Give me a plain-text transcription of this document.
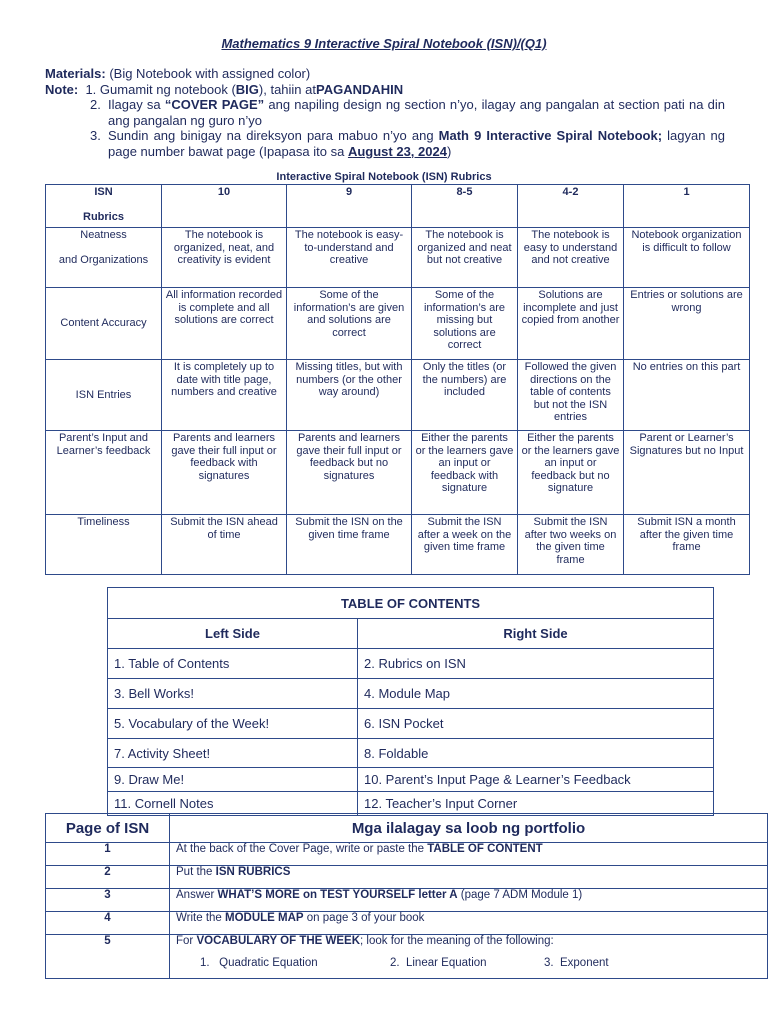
Mathematics 9 Interactive Spiral Notebook (ISN)/(Q1)
Materials:
(Big Notebook with assigned color)
Note:
1.
Gumamit ng notebook ( BIG ), tahiin at PAGANDAHIN
2. Ilagay sa “COVER PAGE” ang napiling design ng section n’yo, ilagay ang pangalan at section pati na din ang pangalan ng guro n’yo
3. Sundin ang binigay na direksyon para mabuo n’yo ang Math 9 Interactive Spiral Notebook; lagyan ng page number bawat page (Ipapasa ito sa August 23, 2024)
Interactive Spiral Notebook (ISN) Rubrics
ISN

Rubrics	10	9	8-5	4-2	1
Neatness

and Organizations	The notebook is organized, neat, and creativity is evident	The notebook is easy-to-understand and creative	The notebook is organized and neat but not creative	The notebook is easy to understand and not creative	Notebook organization is difficult to follow
Content Accuracy	All information recorded is complete and all solutions are correct	Some of the information’s are given and solutions are correct	Some of the information’s are missing but solutions are correct	Solutions are incomplete and just copied from another	Entries or solutions are wrong
ISN Entries	It is completely up to date with title page, numbers and creative	Missing titles, but with numbers (or the other way around)	Only the titles (or the numbers) are included	Followed the given directions on the table of contents but not the ISN entries	No entries on this part
Parent’s Input and Learner’s feedback	Parents and learners gave their full input or feedback with signatures	Parents and learners gave their full input or feedback but no signatures	Either the parents or the learners gave an input or feedback with signature	Either the parents or the learners gave an input or feedback but no signature	Parent or Learner’s Signatures but no Input
Timeliness	Submit the ISN ahead of time	Submit the ISN on the given time frame	Submit the ISN after a week on the given time frame	Submit the ISN after two weeks on the given time frame	Submit ISN a month after the given time frame
TABLE OF CONTENTS	
Left Side	Right Side
1. Table of Contents	2. Rubrics on ISN
3. Bell Works!	4. Module Map
5. Vocabulary of the Week!	6. ISN Pocket
7. Activity Sheet!	8. Foldable
9. Draw Me!	10. Parent’s Input Page & Learner’s Feedback
11. Cornell Notes	12. Teacher’s Input Corner
Page of ISN	Mga ilalagay sa loob ng portfolio
1	At the back of the Cover Page, write or paste the TABLE OF CONTENT
2	Put the ISN RUBRICS
3	Answer WHAT’S MORE on TEST YOURSELF letter A (page 7 ADM Module 1)
4	Write the MODULE MAP on page 3 of your book
5	For VOCABULARY OF THE WEEK; look for the meaning of the following:
1.   Quadratic Equation 2.  Linear Equation 3.  Exponent
